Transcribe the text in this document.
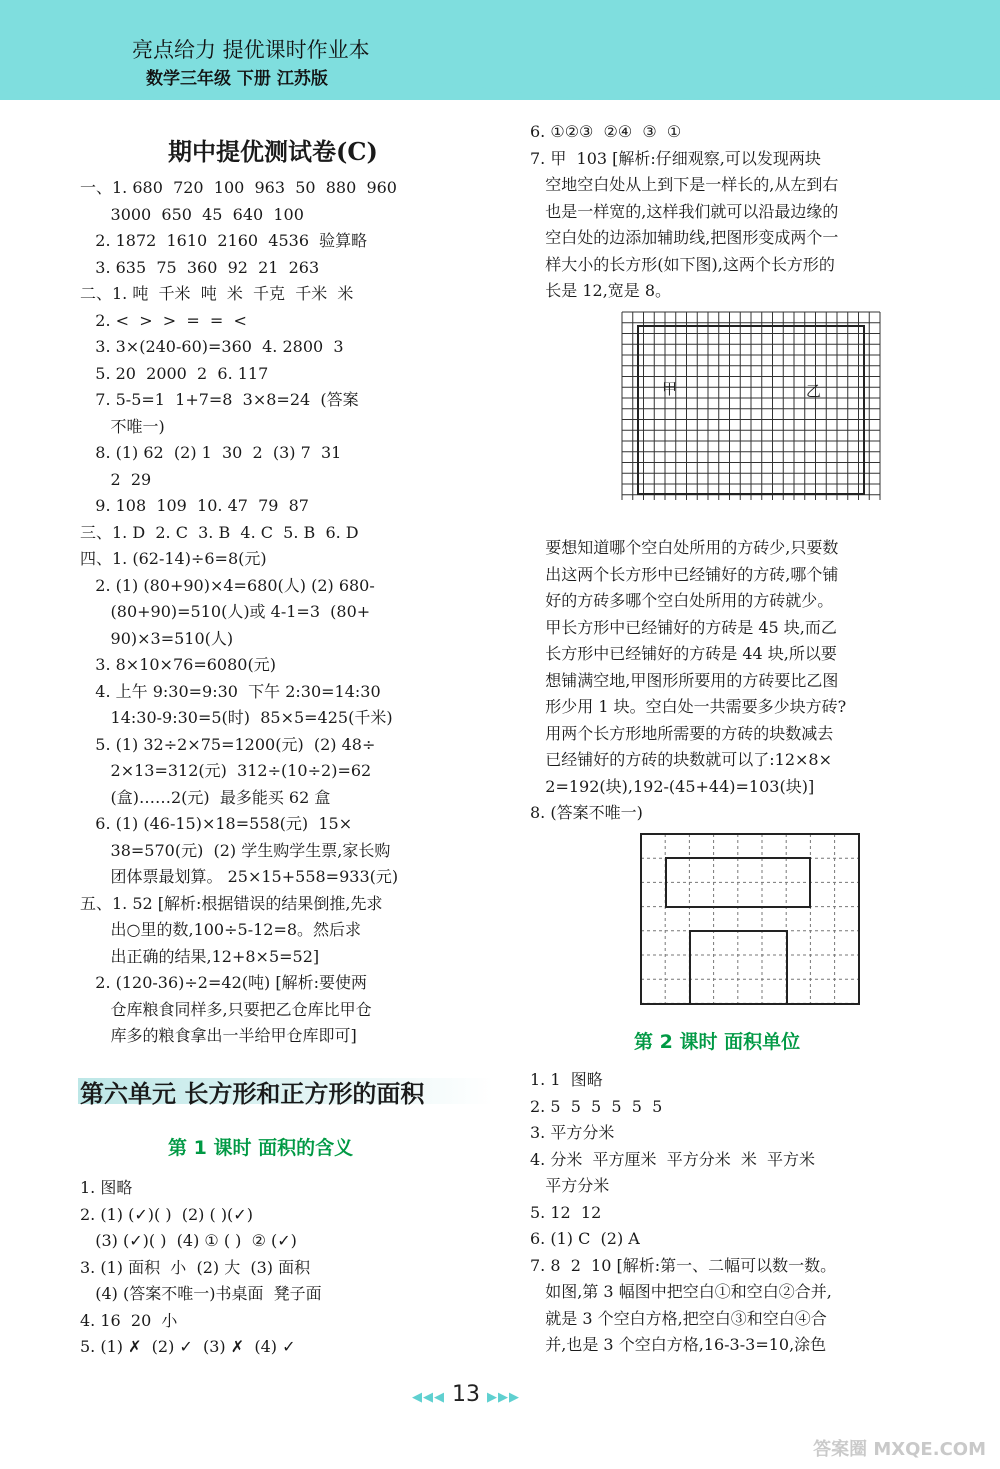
亮点给力 提优课时作业本
数学三年级 下册 江苏版
期中提优测试卷(C)
一、1. 680  720  100  963  50  880  960
3000  650  45  640  100
2. 1872  1610  2160  4536  验算略
3. 635  75  360  92  21  263
二、1. 吨  千米  吨  米  千克  千米  米
2. <  >  >  =  =  <
3. 3×(240-60)=360  4. 2800  3
5. 20  2000  2  6. 117
7. 5-5=1  1+7=8  3×8=24  (答案
不唯一)
8. (1) 62  (2) 1  30  2  (3) 7  31
2  29
9. 108  109  10. 47  79  87
三、1. D  2. C  3. B  4. C  5. B  6. D
四、1. (62-14)÷6=8(元)
2. (1) (80+90)×4=680(人) (2) 680-
(80+90)=510(人)或 4-1=3  (80+
90)×3=510(人)
3. 8×10×76=6080(元)
4. 上午 9:30=9:30  下午 2:30=14:30
14:30-9:30=5(时)  85×5=425(千米)
5. (1) 32÷2×75=1200(元)  (2) 48÷
2×13=312(元)  312÷(10÷2)=62
(盒)……2(元)  最多能买 62 盒
6. (1) (46-15)×18=558(元)  15×
38=570(元)  (2) 学生购学生票,家长购
团体票最划算。 25×15+558=933(元)
五、1. 52 [解析:根据错误的结果倒推,先求
出○里的数,100÷5-12=8。然后求
出正确的结果,12+8×5=52]
2. (120-36)÷2=42(吨) [解析:要使两
仓库粮食同样多,只要把乙仓库比甲仓
库多的粮食拿出一半给甲仓库即可]
第六单元 长方形和正方形的面积
第 1 课时 面积的含义
1. 图略
2. (1) (✓)( )  (2) ( )(✓)
(3) (✓)( )  (4) ① ( )  ② (✓)
3. (1) 面积  小  (2) 大  (3) 面积
(4) (答案不唯一)书桌面  凳子面
4. 16  20  小
5. (1) ✗  (2) ✓  (3) ✗  (4) ✓
6. ①②③  ②④  ③  ①
7. 甲  103 [解析:仔细观察,可以发现两块
空地空白处从上到下是一样长的,从左到右
也是一样宽的,这样我们就可以沿最边缘的
空白处的边添加辅助线,把图形变成两个一
样大小的长方形(如下图),这两个长方形的
长是 12,宽是 8。
甲	乙
要想知道哪个空白处所用的方砖少,只要数
出这两个长方形中已经铺好的方砖,哪个铺
好的方砖多哪个空白处所用的方砖就少。
甲长方形中已经铺好的方砖是 45 块,而乙
长方形中已经铺好的方砖是 44 块,所以要
想铺满空地,甲图形所要用的方砖要比乙图
形少用 1 块。空白处一共需要多少块方砖?
用两个长方形地所需要的方砖的块数减去
已经铺好的方砖的块数就可以了:12×8×
2=192(块),192-(45+44)=103(块)]
8. (答案不唯一)
第 2 课时 面积单位
1. 1  图略
2. 5  5  5  5  5  5
3. 平方分米
4. 分米  平方厘米  平方分米  米  平方米
平方分米
5. 12  12
6. (1) C  (2) A
7. 8  2  10 [解析:第一、二幅可以数一数。
如图,第 3 幅图中把空白①和空白②合并,
就是 3 个空白方格,把空白③和空白④合
并,也是 3 个空白方格,16-3-3=10,涂色
◀◀◀ 13 ▶▶▶
答案圈 MXQE.COM
